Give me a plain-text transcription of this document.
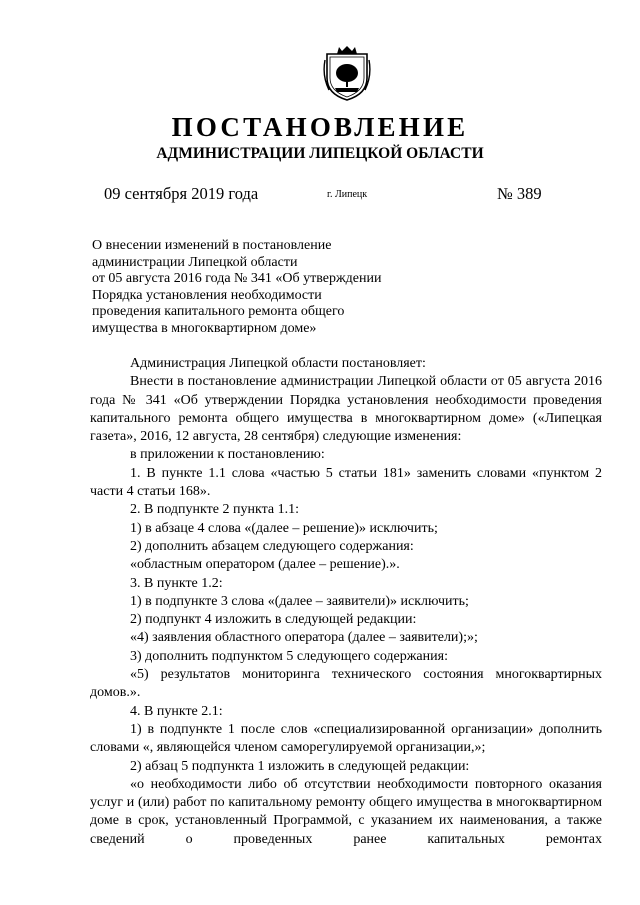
ПОСТАНОВЛЕНИЕ
АДМИНИСТРАЦИИ ЛИПЕЦКОЙ ОБЛАСТИ
09 сентября 2019 года	г. Липецк	№ 389
О внесении изменений в постановление
администрации Липецкой области
от 05 августа 2016 года № 341 «Об утверждении
Порядка установления необходимости
проведения капитального ремонта общего
имущества в многоквартирном доме»

Администрация Липецкой области постановляет:

Внести в постановление администрации Липецкой области от 05 августа 2016 года № 341 «Об утверждении Порядка установления необходимости проведения капитального ремонта общего имущества в многоквартирном доме» («Липецкая газета», 2016, 12 августа, 28 сентября) следующие изменения:

в приложении к постановлению:

1. В пункте 1.1 слова «частью 5 статьи 181» заменить словами «пунктом 2 части 4 статьи 168».

2. В подпункте 2 пункта 1.1:

1) в абзаце 4 слова «(далее – решение)» исключить;

2) дополнить абзацем следующего содержания:

«областным оператором (далее – решение).».

3. В пункте 1.2:

1) в подпункте 3 слова «(далее – заявители)» исключить;

2) подпункт 4 изложить в следующей редакции:

«4) заявления областного оператора (далее – заявители);»;

3) дополнить подпунктом 5 следующего содержания:

«5) результатов мониторинга технического состояния многоквартирных домов.».

4. В пункте 2.1:

1) в подпункте 1 после слов «специализированной организации» дополнить словами «, являющейся членом саморегулируемой организации,»;

2) абзац 5 подпункта 1 изложить в следующей редакции:

«о необходимости либо об отсутствии необходимости повторного оказания услуг и (или) работ по капитальному ремонту общего имущества в многоквартирном доме в срок, установленный Программой, с указанием их наименования, а также сведений о проведенных ранее капитальных ремонтах
